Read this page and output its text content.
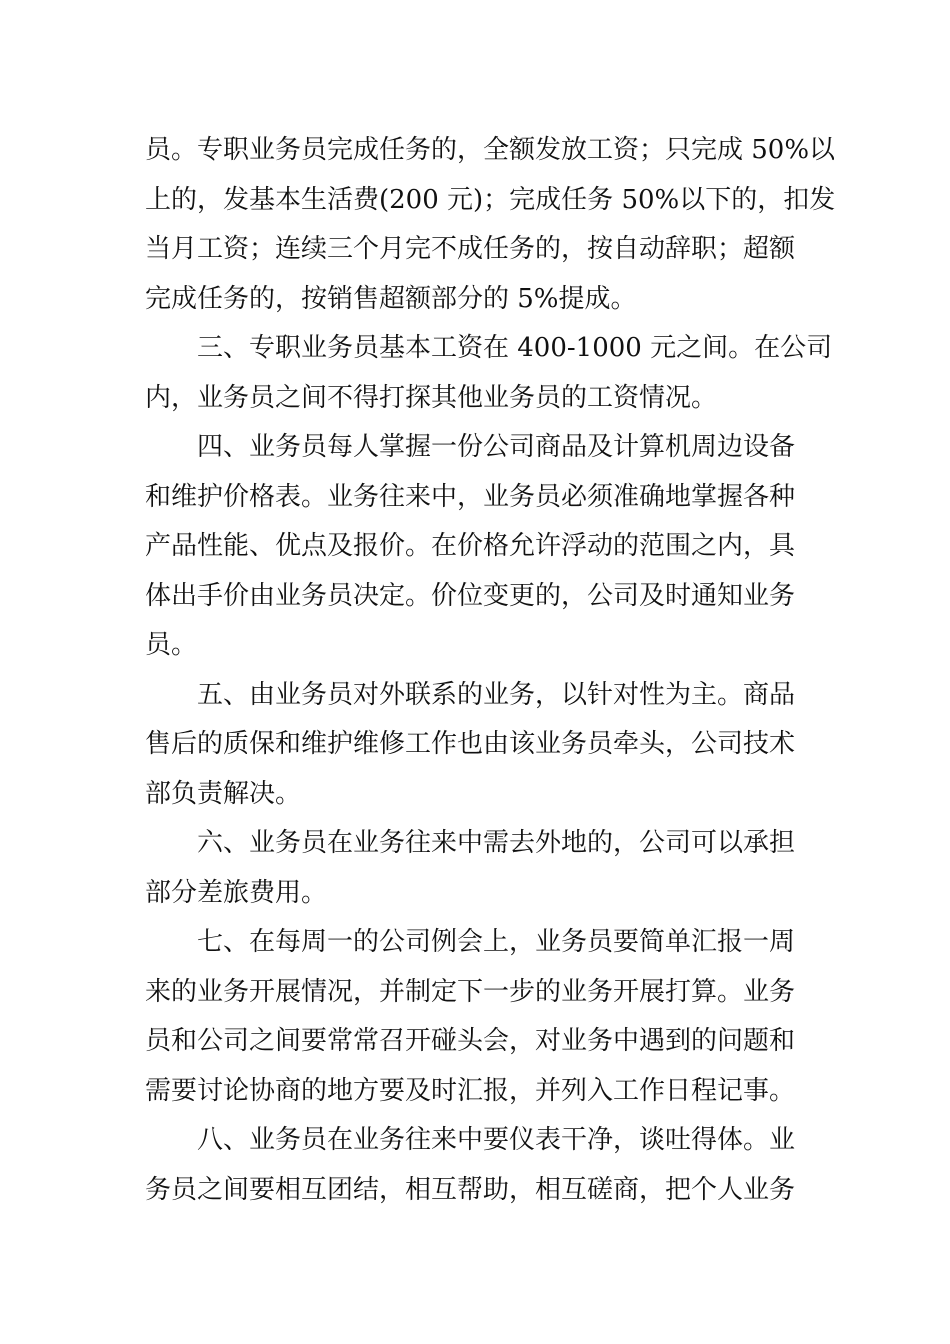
员。专职业务员完成任务的，全额发放工资；只完成 50%以
上的，发基本生活费(200 元)；完成任务 50%以下的，扣发
当月工资；连续三个月完不成任务的，按自动辞职；超额
完成任务的，按销售超额部分的 5%提成。
三、专职业务员基本工资在 400-1000 元之间。在公司
内，业务员之间不得打探其他业务员的工资情况。
四、业务员每人掌握一份公司商品及计算机周边设备
和维护价格表。业务往来中，业务员必须准确地掌握各种
产品性能、优点及报价。在价格允许浮动的范围之内，具
体出手价由业务员决定。价位变更的，公司及时通知业务
员。
五、由业务员对外联系的业务，以针对性为主。商品
售后的质保和维护维修工作也由该业务员牵头，公司技术
部负责解决。
六、业务员在业务往来中需去外地的，公司可以承担
部分差旅费用。
七、在每周一的公司例会上，业务员要简单汇报一周
来的业务开展情况，并制定下一步的业务开展打算。业务
员和公司之间要常常召开碰头会，对业务中遇到的问题和
需要讨论协商的地方要及时汇报，并列入工作日程记事。
八、业务员在业务往来中要仪表干净，谈吐得体。业
务员之间要相互团结，相互帮助，相互磋商，把个人业务
